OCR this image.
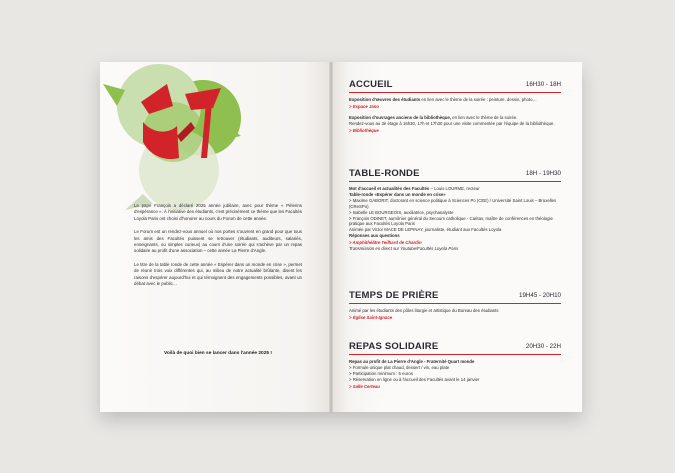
Le pape François a déclaré 2025 année jubilaire, avec pour thème « Pèlerins d'espérance ». À l'initiative des étudiants, c'est précisément ce thème que les Facultés Loyola Paris ont choisi d'honorer au cours du Forum de cette année.

Le Forum est un rendez-vous annuel où nos portes s'ouvrent en grand pour que tous les amis des Facultés puissent se retrouver (étudiants, auditeurs, salariés, enseignants, ou simples curieux) au cours d'une soirée qui s'achève par un repas solidaire au profit d'une association – cette année La Pierre d'Angle.

Le titre de la table ronde de cette année « Espérer dans un monde en crise », permet de réunir trois voix différentes qui, au milieu de notre actualité brûlante, disent les raisons d'espérer aujourd'hui et qui témoignent des engagements possibles, avant un débat avec le public…

Voilà de quoi bien se lancer dans l'année 2025 !
ACCUEIL	16H30 - 18H
Exposition d'œuvres des étudiants en lien avec le thème de la soirée : peinture, dessin, photo…
> Espace Jano
Exposition d'ouvrages anciens de la bibliothèque, en lien avec le thème de la soirée.
Rendez-vous au 3è étage à 16h30, 17h et 17h30 pour une visite commentée par l'équipe de la bibliothèque.
> Bibliothèque
TABLE-RONDE	18H - 19H30
Mot d'accueil et actualités des Facultés – Louis LOURME, recteur
Table-ronde «Espérer dans un monde en crise»
> Maxime GABORIT, doctorant en science politique à Sciences Po (CEE) / Université Saint Louis – Bruxelles (CReSPo)
> Isabelle LE BOURGEOIS, auxiliatrice, psychanalyste
> François ODINET, aumônier général du Secours catholique - Caritas, maître de conférences en théologie pratique aux Facultés Loyola Paris
Animée par Victor MACE DE LEPINAY, journaliste, étudiant aux Facultés Loyola
Réponses aux questions
> Amphithéâtre Teilhard de Chardin
Transmission en direct sur Youtube/Facultés Loyola Paris
TEMPS DE PRIÈRE	19H45 - 20H10
Animé par les étudiants des pôles liturgie et artistique du Bureau des étudiants
> Église Saint-Ignace
REPAS SOLIDAIRE	20H30 - 22H
Repas au profit de La Pierre d'Angle - Fraternité Quart monde
> Formule unique plat chaud, dessert / vin, eau plate
> Participation minimum : 5 euros
> Réservation en ligne ou à l'accueil des Facultés avant le 14 janvier
> Salle Certeau
